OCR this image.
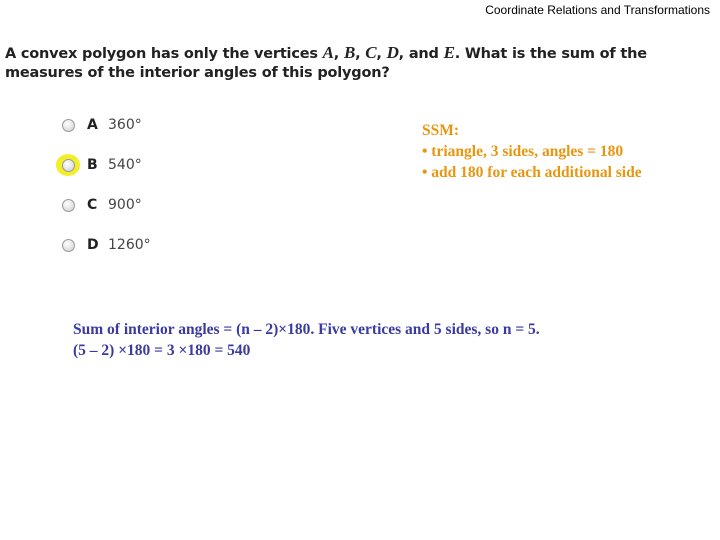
Coordinate Relations and Transformations
A convex polygon has only the vertices A, B, C, D, and E. What is the sum of the measures of the interior angles of this polygon?
A 360°
B 540°
C 900°
D 1260°
SSM:
• triangle, 3 sides, angles = 180
• add 180 for each additional side
Sum of interior angles = (n – 2)×180. Five vertices and 5 sides, so n = 5.
(5 – 2) ×180 = 3 ×180 = 540
